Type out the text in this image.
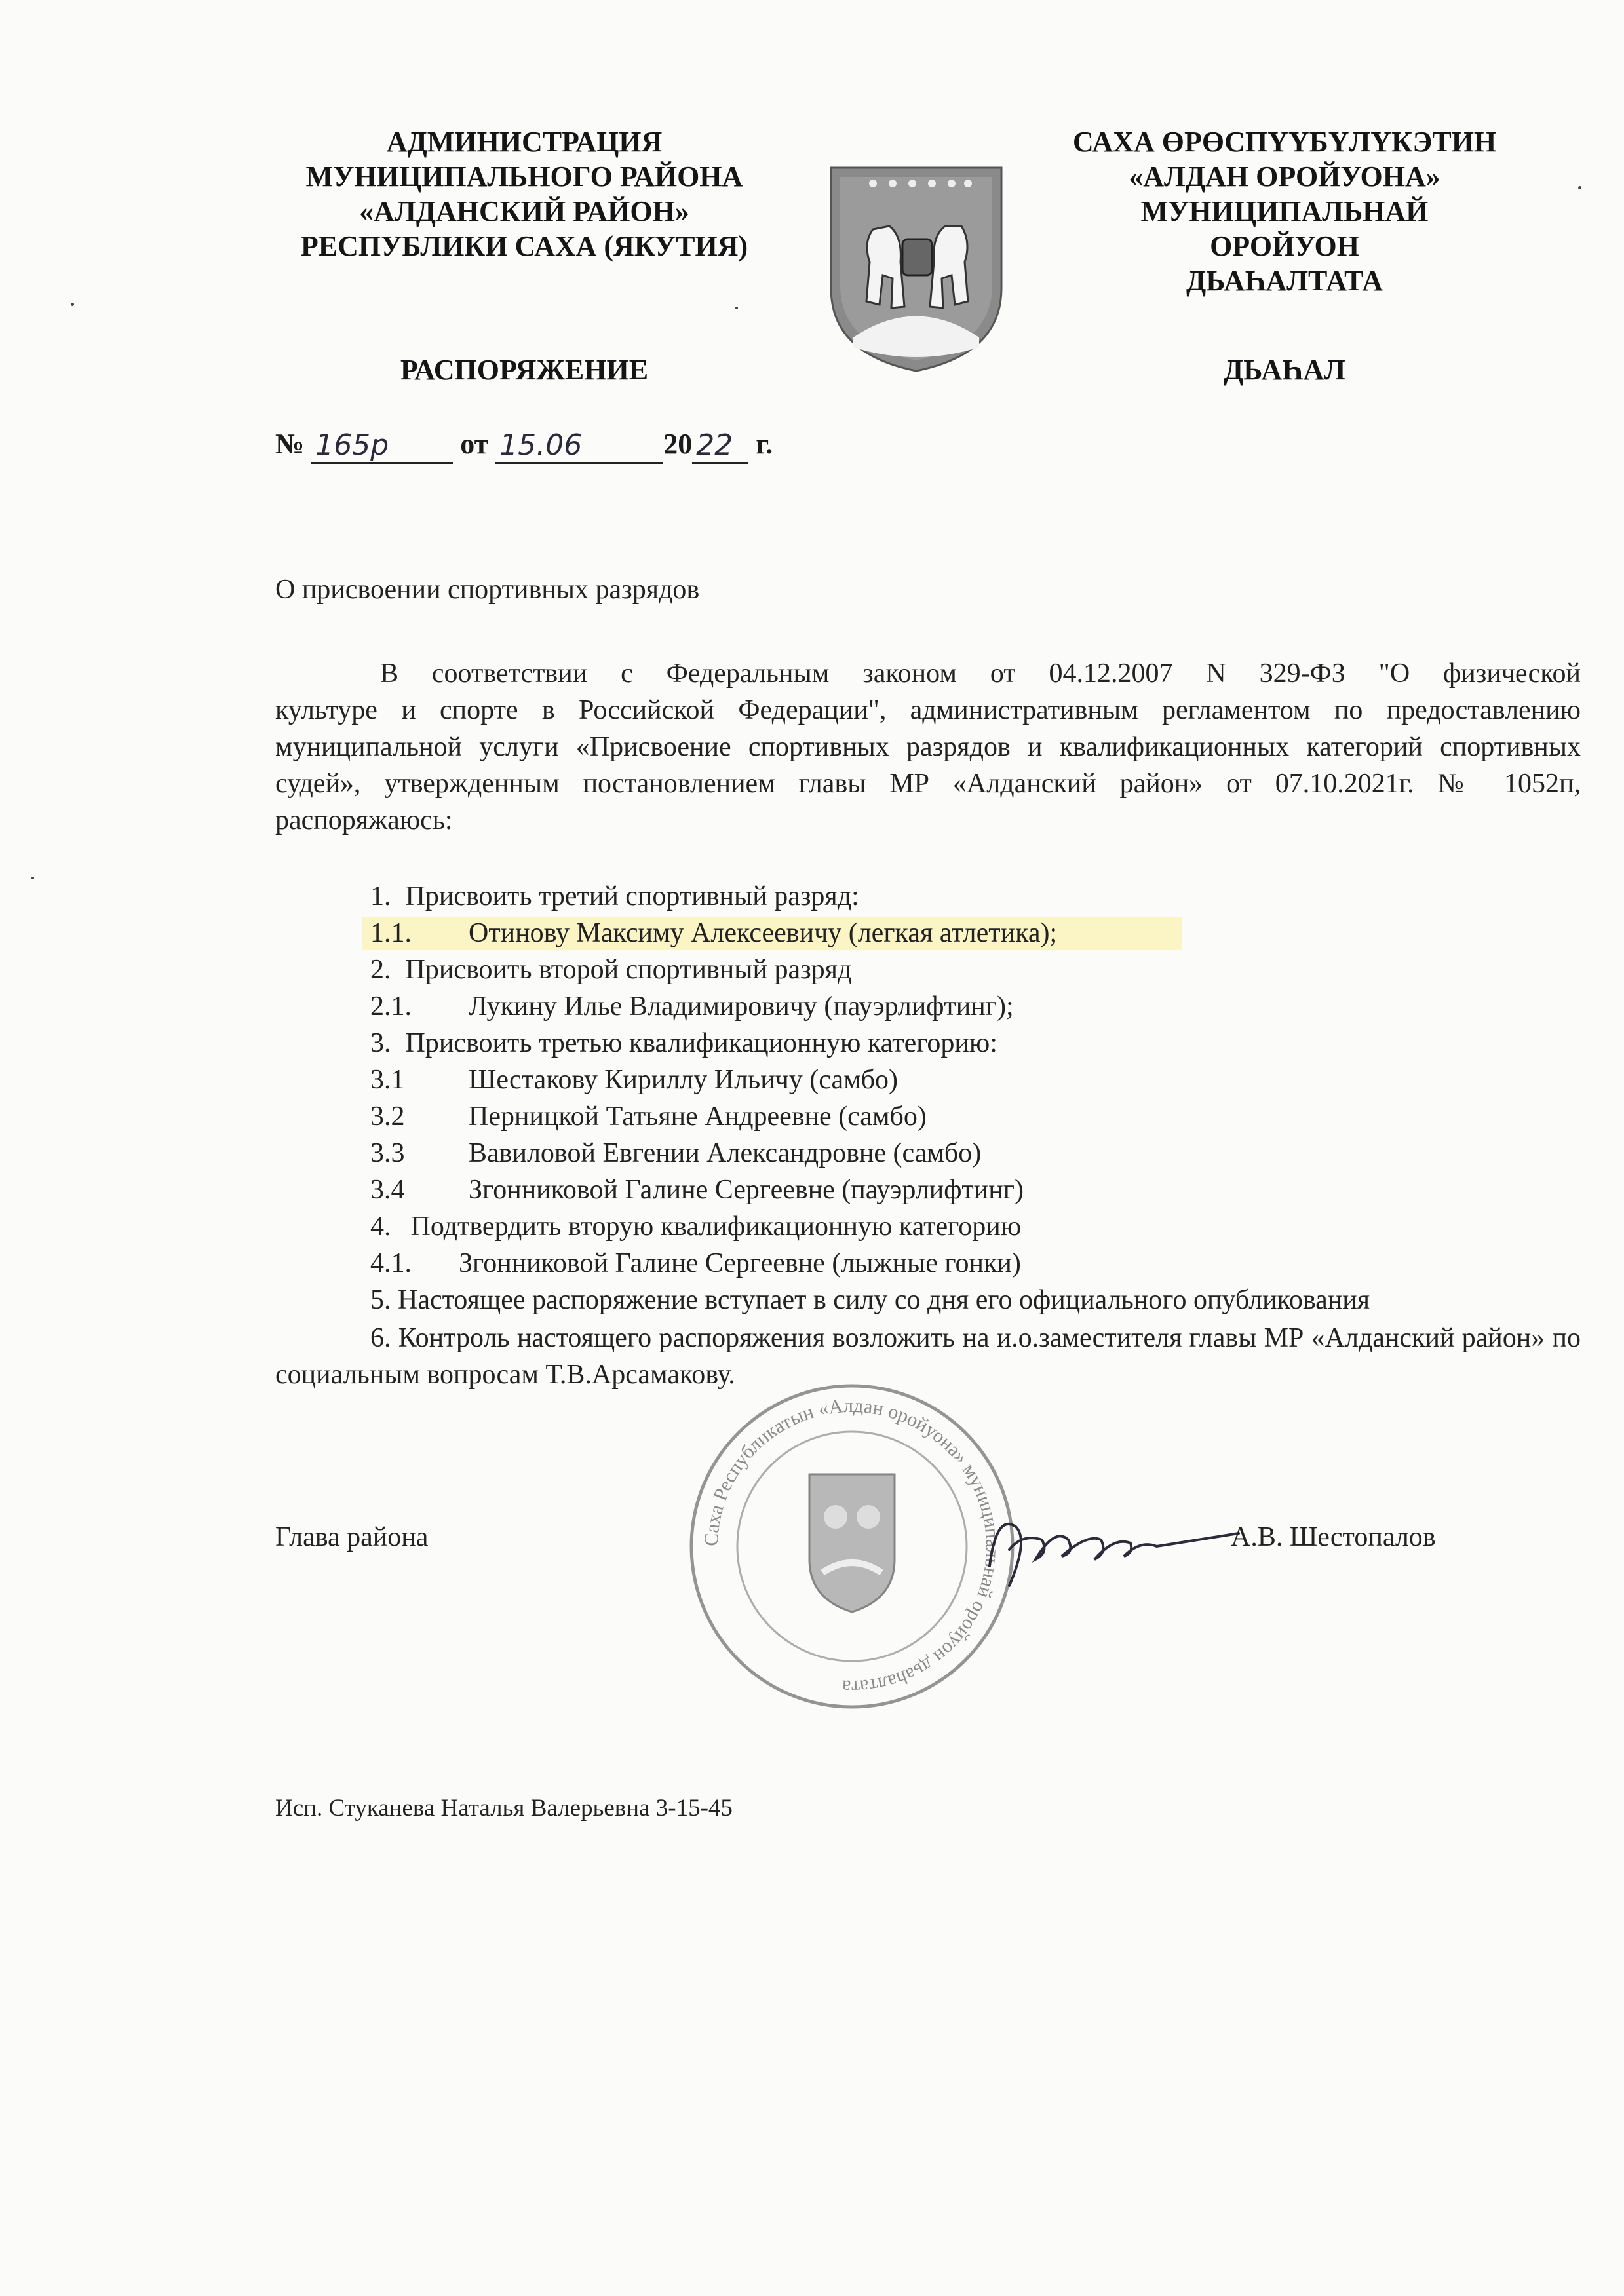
АДМИНИСТРАЦИЯ
МУНИЦИПАЛЬНОГО РАЙОНА
«АЛДАНСКИЙ РАЙОН»
РЕСПУБЛИКИ САХА (ЯКУТИЯ)
САХА ӨРӨСПҮҮБҮЛҮКЭТИН
«АЛДАН ОРОЙУОНА»
МУНИЦИПАЛЬНАЙ
ОРОЙУОН
ДЬАҺАЛТАТА
РАСПОРЯЖЕНИЕ	ДЬАҺАЛ
№ 165р от 15.06	20 22 г.
О присвоении спортивных разрядов
В соответствии с Федеральным законом от 04.12.2007 N 329-ФЗ "О физической
культуре и спорте в Российской Федерации", административным регламентом по предоставлению муниципальной услуги «Присвоение спортивных разрядов и квалификационных категорий спортивных судей», утвержденным постановлением главы МР «Алданский район» от 07.10.2021г. № 1052п, распоряжаюсь:
1. Присвоить третий спортивный разряд:
1.1. Отинову Максиму Алексеевичу (легкая атлетика);
2. Присвоить второй спортивный разряд
2.1. Лукину Илье Владимировичу (пауэрлифтинг);
3. Присвоить третью квалификационную категорию:
3.1 Шестакову Кириллу Ильичу (самбо)
3.2 Перницкой Татьяне Андреевне (самбо)
3.3 Вавиловой Евгении Александровне (самбо)
3.4 Згонниковой Галине Сергеевне (пауэрлифтинг)
4. Подтвердить вторую квалификационную категорию
4.1. Згонниковой Галине Сергеевне (лыжные гонки)
5. Настоящее распоряжение вступает в силу со дня его официального опубликования
6. Контроль настоящего распоряжения возложить на и.о.заместителя главы МР «Алданский район» по социальным вопросам Т.В.Арсамакову.
Глава района	Саха Республикатын «Алдан оройуона» муниципальнай оройуон дьаһалтата
А.В. Шестопалов
Исп. Стуканева Наталья Валерьевна 3-15-45
